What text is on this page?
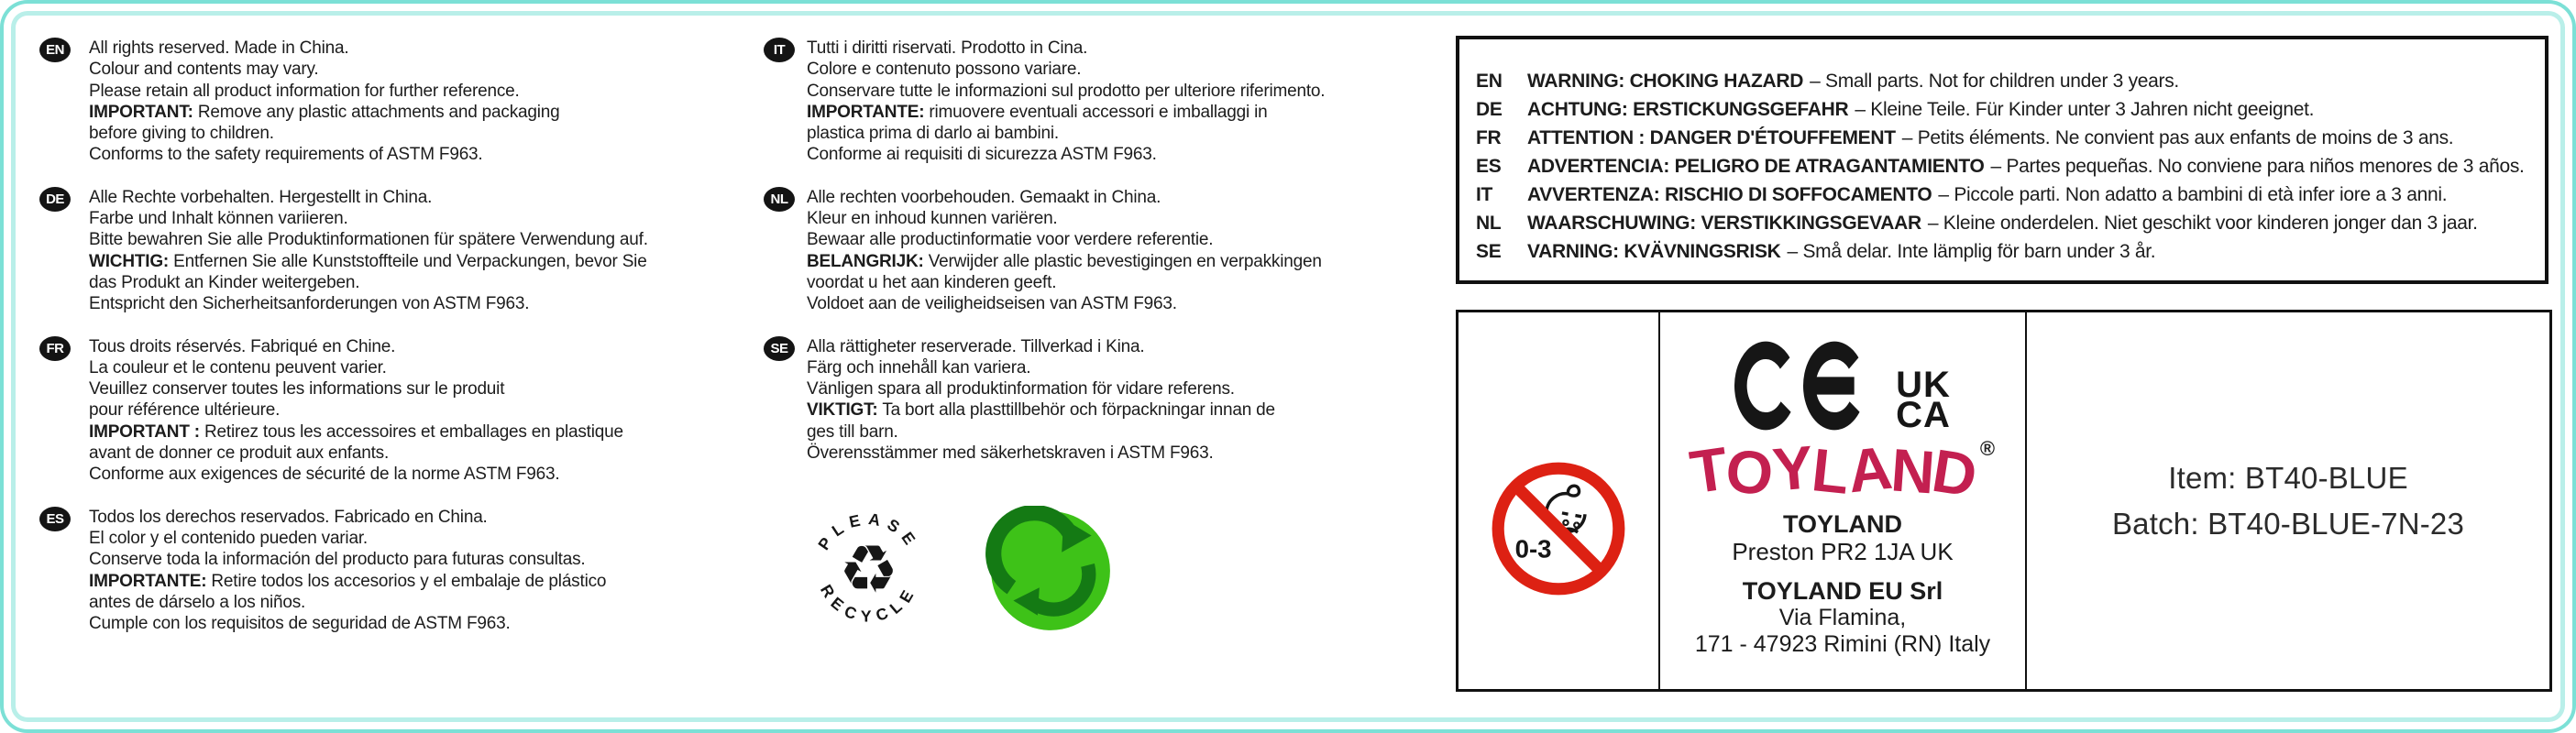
EN	All rights reserved. Made in China.
Colour and contents may vary.
Please retain all product information for further reference.
IMPORTANT: Remove any plastic attachments and packaging
before giving to children.
Conforms to the safety requirements of ASTM F963.
DE	Alle Rechte vorbehalten. Hergestellt in China.
Farbe und Inhalt können variieren.
Bitte bewahren Sie alle Produktinformationen für spätere Verwendung auf.
WICHTIG: Entfernen Sie alle Kunststoffteile und Verpackungen, bevor Sie
das Produkt an Kinder weitergeben.
Entspricht den Sicherheitsanforderungen von ASTM F963.
FR	Tous droits réservés. Fabriqué en Chine.
La couleur et le contenu peuvent varier.
Veuillez conserver toutes les informations sur le produit
pour référence ultérieure.
IMPORTANT : Retirez tous les accessoires et emballages en plastique
avant de donner ce produit aux enfants.
Conforme aux exigences de sécurité de la norme ASTM F963.
ES	Todos los derechos reservados. Fabricado en China.
El color y el contenido pueden variar.
Conserve toda la información del producto para futuras consultas.
IMPORTANTE: Retire todos los accesorios y el embalaje de plástico
antes de dárselo a los niños.
Cumple con los requisitos de seguridad de ASTM F963.
IT	Tutti i diritti riservati. Prodotto in Cina.
Colore e contenuto possono variare.
Conservare tutte le informazioni sul prodotto per ulteriore riferimento.
IMPORTANTE: rimuovere eventuali accessori e imballaggi in
plastica prima di darlo ai bambini.
Conforme ai requisiti di sicurezza ASTM F963.
NL	Alle rechten voorbehouden. Gemaakt in China.
Kleur en inhoud kunnen variëren.
Bewaar alle productinformatie voor verdere referentie.
BELANGRIJK: Verwijder alle plastic bevestigingen en verpakkingen
voordat u het aan kinderen geeft.
Voldoet aan de veiligheidseisen van ASTM F963.
SE	Alla rättigheter reserverade. Tillverkad i Kina.
Färg och innehåll kan variera.
Vänligen spara all produktinformation för vidare referens.
VIKTIGT: Ta bort alla plasttillbehör och förpackningar innan de
ges till barn.
Överensstämmer med säkerhetskraven i ASTM F963.
PLEASE
RECYCLE
♻
EN	WARNING: CHOKING HAZARD – Small parts. Not for children under 3 years.
DE	ACHTUNG: ERSTICKUNGSGEFAHR – Kleine Teile. Für Kinder unter 3 Jahren nicht geeignet.
FR	ATTENTION : DANGER D'ÉTOUFFEMENT – Petits éléments. Ne convient pas aux enfants de moins de 3 ans.
ES	ADVERTENCIA: PELIGRO DE ATRAGANTAMIENTO – Partes pequeñas. No conviene para niños menores de 3 años.
IT	AVVERTENZA: RISCHIO DI SOFFOCAMENTO – Piccole parti. Non adatto a bambini di età infer iore a 3 anni.
NL	WAARSCHUWING: VERSTIKKINGSGEVAAR – Kleine onderdelen. Niet geschikt voor kinderen jonger dan 3 jaar.
SE	VARNING: KVÄVNINGSRISK – Små delar. Inte lämplig för barn under 3 år.
0-3
UK
CA
TOYLAND®
TOYLAND
Preston PR2 1JA UK
TOYLAND EU Srl
Via Flamina,
171 - 47923 Rimini (RN) Italy
Item: BT40-BLUE
Batch: BT40-BLUE-7N-23
